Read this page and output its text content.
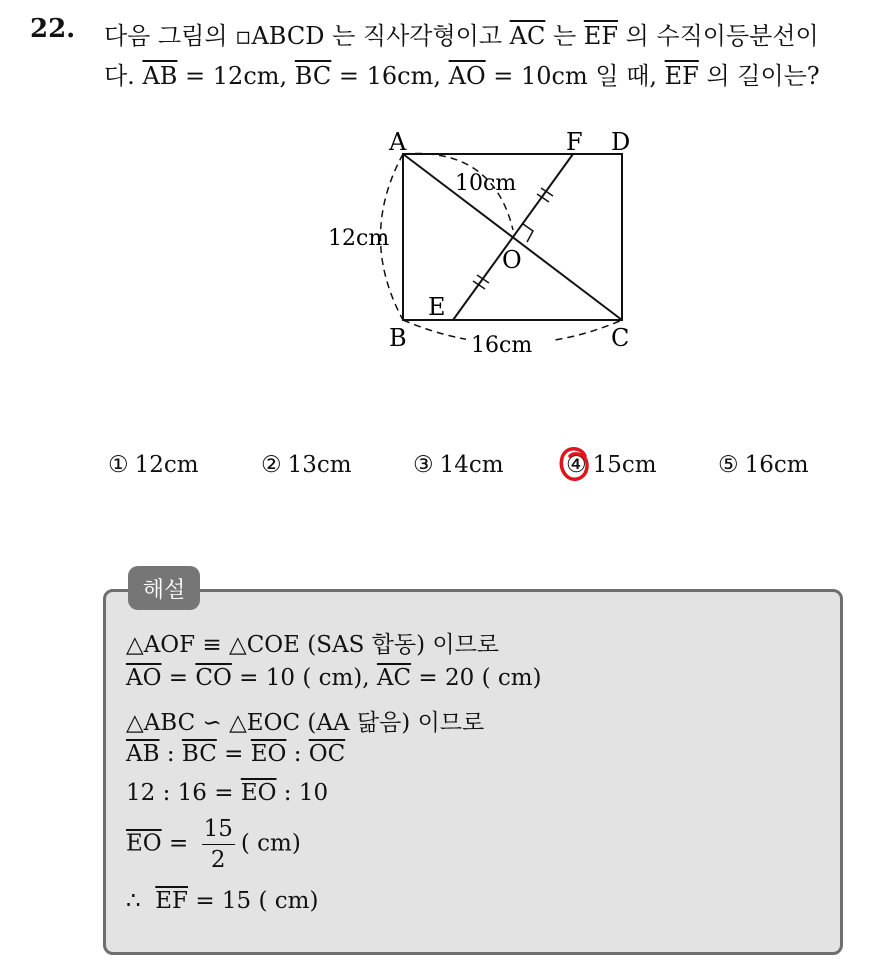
22. 다음 그림의 ▫ABCD 는 직사각형이고 $\overline{AC}$ 는 $\overline{EF}$ 의 수직이등분선이
다. $\overline{AB} = 12cm$, $\overline{BC} = 16cm$, $\overline{AO} = 10cm$ 일 때, $\overline{EF}$ 의 길이는?
A	F D
O
E
B	C
10cm
12cm
16cm
① 12cm	② 13cm	③ 14cm	④ 15cm	⑤ 16cm
해설
△AOF ≡ △COE (SAS 합동) 이므로
$\overline{AO} = \overline{CO} = 10$ ( cm), $\overline{AC} = 20$ ( cm)
△ABC ∽ △EOC (AA 닮음) 이므로
$\overline{AB}$ : $\overline{BC} = \overline{EO}$ : $\overline{OC}$
12 : $16 = \overline{EO}$ : 10
$\overline{EO} = \frac{15}{2}$ ( cm)
∴ $\overline{EF} = 15$ ( cm)
